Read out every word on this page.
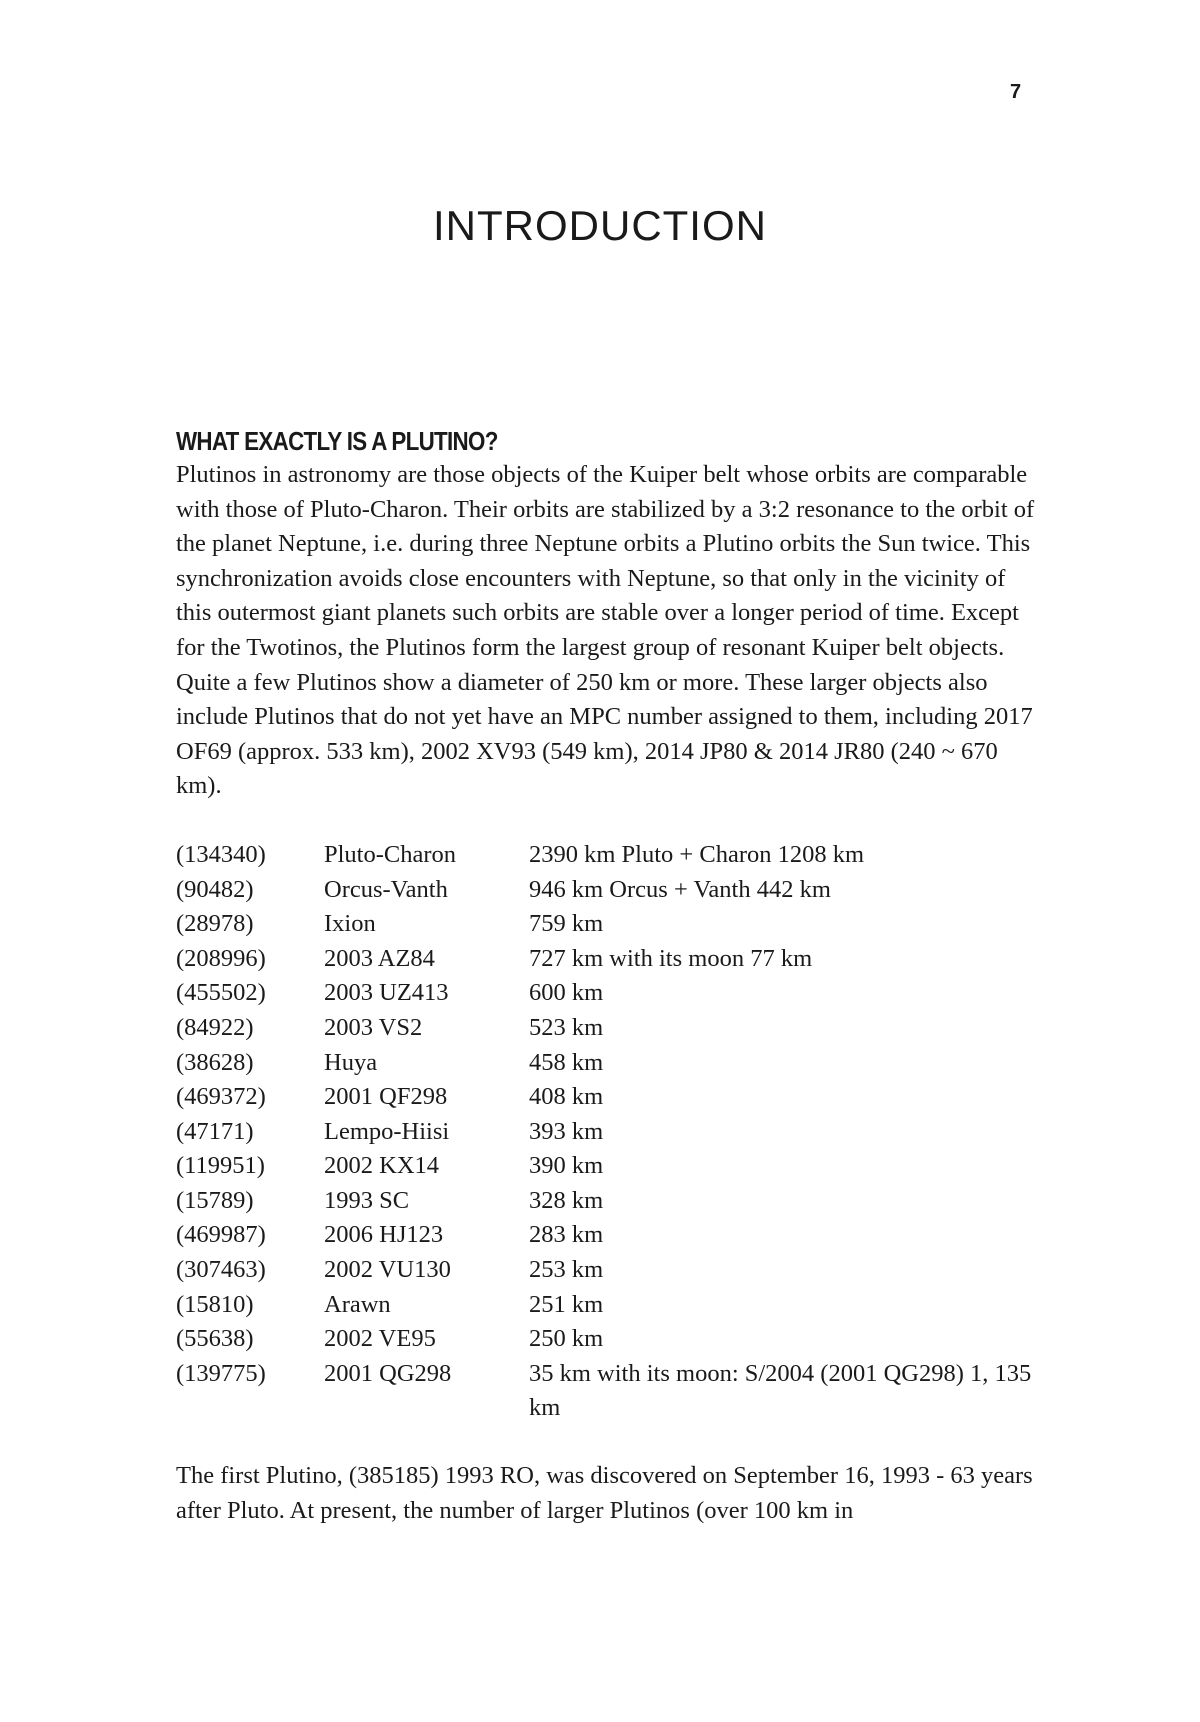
7
INTRODUCTION
WHAT EXACTLY IS A PLUTINO?

Plutinos in astronomy are those objects of the Kuiper belt whose orbits are comparable with those of Pluto-Charon. Their orbits are stabilized by a 3:2 resonance to the orbit of the planet Neptune, i.e. during three Neptune orbits a Plutino orbits the Sun twice. This synchronization avoids close encounters with Neptune, so that only in the vicinity of this outermost giant planets such orbits are stable over a longer period of time. Except for the Twotinos, the Plutinos form the largest group of resonant Kuiper belt objects. Quite a few Plutinos show a diameter of 250 km or more. These larger objects also include Plutinos that do not yet have an MPC number assigned to them, including 2017 OF69 (approx. 533 km), 2002 XV93 (549 km), 2014 JP80 & 2014 JR80 (240 ~ 670 km).

(134340)	Pluto-Charon	2390 km Pluto + Charon 1208 km
(90482)	Orcus-Vanth	946 km Orcus + Vanth 442 km
(28978)	Ixion	759 km
(208996)	2003 AZ84	727 km with its moon 77 km
(455502)	2003 UZ413	600 km
(84922)	2003 VS2	523 km
(38628)	Huya	458 km
(469372)	2001 QF298	408 km
(47171)	Lempo-Hiisi	393 km
(119951)	2002 KX14	390 km
(15789)	1993 SC	328 km
(469987)	2006 HJ123	283 km
(307463)	2002 VU130	253 km
(15810)	Arawn	251 km
(55638)	2002 VE95	250 km
(139775)	2001 QG298	35 km with its moon: S/2004 (2001 QG298) 1, 135 km

The first Plutino, (385185) 1993 RO, was discovered on September 16, 1993 - 63 years after Pluto. At present, the number of larger Plutinos (over 100 km in
